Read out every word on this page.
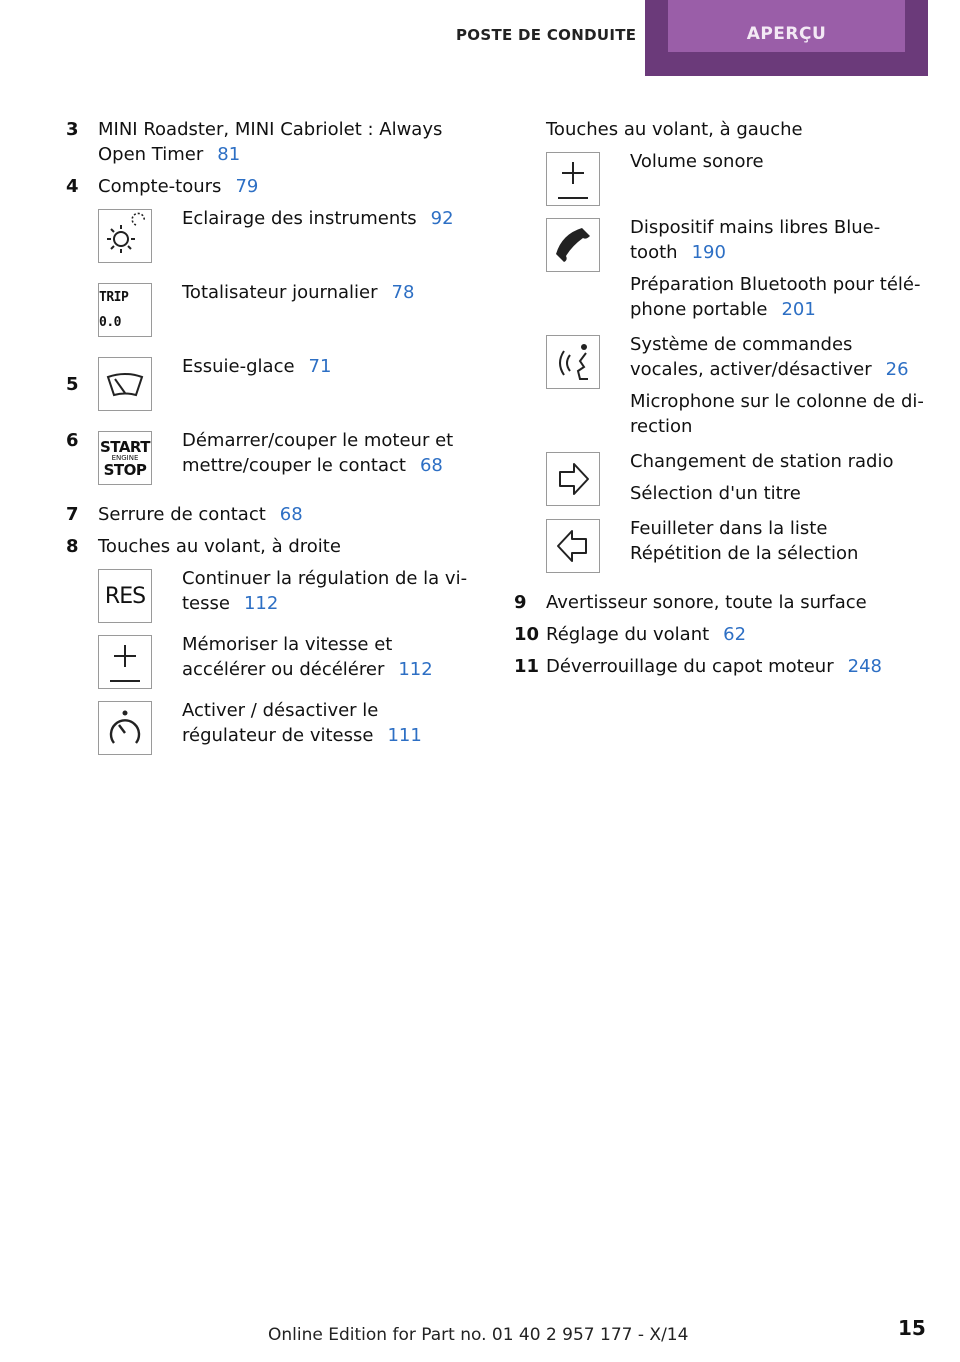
POSTE DE CONDUITE	APERÇU
3 MINI Roadster, MINI Cabriolet : Always Open Timer 81
4 Compte-tours 79
Eclairage des instruments 92
TRIP 0.0
Totalisateur journalier 78
5
Essuie-glace 71
6 START
ENGINE
STOP
Démarrer/couper le moteur et mettre/couper le contact 68
7 Serrure de contact 68
8 Touches au volant, à droite
RES
Continuer la régulation de la vitesse 112
Mémoriser la vitesse et accélérer ou décélérer 112
Activer / désactiver le régulateur de vitesse 111
Touches au volant, à gauche
Volume sonore

Dispositif mains libres Bluetooth 190

Préparation Bluetooth pour téléphone portable 201

Système de commandes vocales, activer/désactiver 26

Microphone sur le colonne de direction

Changement de station radio

Sélection d'un titre

Feuilleter dans la liste Répétition de la sélection

9 Avertisseur sonore, toute la surface
10 Réglage du volant 62
11 Déverrouillage du capot moteur 248
Online Edition for Part no. 01 40 2 957 177 - X/14	15
